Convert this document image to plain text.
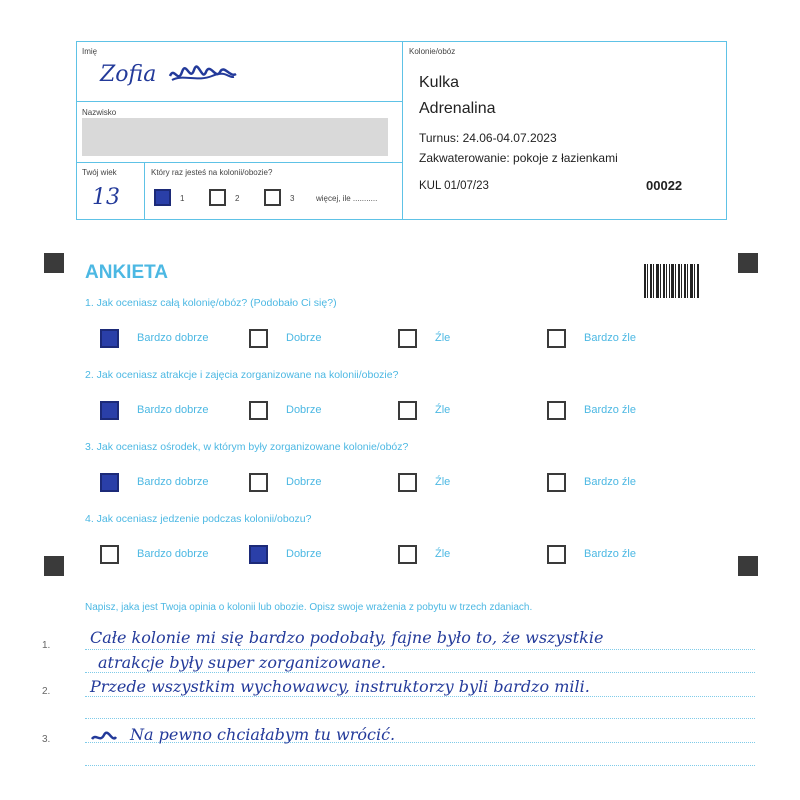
Imię
Zofia
Nazwisko
Twój wiek
13
Który raz jesteś na kolonii/obozie?
1	2	3	więcej, ile ...........
Kolonie/obóz
Kulka
Adrenalina
Turnus: 24.06-04.07.2023
Zakwaterowanie: pokoje z łazienkami
KUL 01/07/23	00022
ANKIETA
1. Jak oceniasz całą kolonię/obóz? (Podobało Ci się?)
Bardzo dobrze	Dobrze	Źle	Bardzo źle
2. Jak oceniasz atrakcje i zajęcia zorganizowane na kolonii/obozie?
Bardzo dobrze	Dobrze	Źle	Bardzo źle
3. Jak oceniasz ośrodek, w którym były zorganizowane kolonie/obóz?
Bardzo dobrze	Dobrze	Źle	Bardzo źle
4. Jak oceniasz jedzenie podczas kolonii/obozu?
Bardzo dobrze	Dobrze	Źle	Bardzo źle
Napisz, jaka jest Twoja opinia o kolonii lub obozie. Opisz swoje wrażenia z pobytu w trzech zdaniach.
1.
2.
3.
Całe kolonie mi się bardzo podobały, fajne było to, że wszystkie
atrakcje były super zorganizowane.
Przede wszystkim wychowawcy, instruktorzy byli bardzo mili.
Na pewno chciałabym tu wrócić.
